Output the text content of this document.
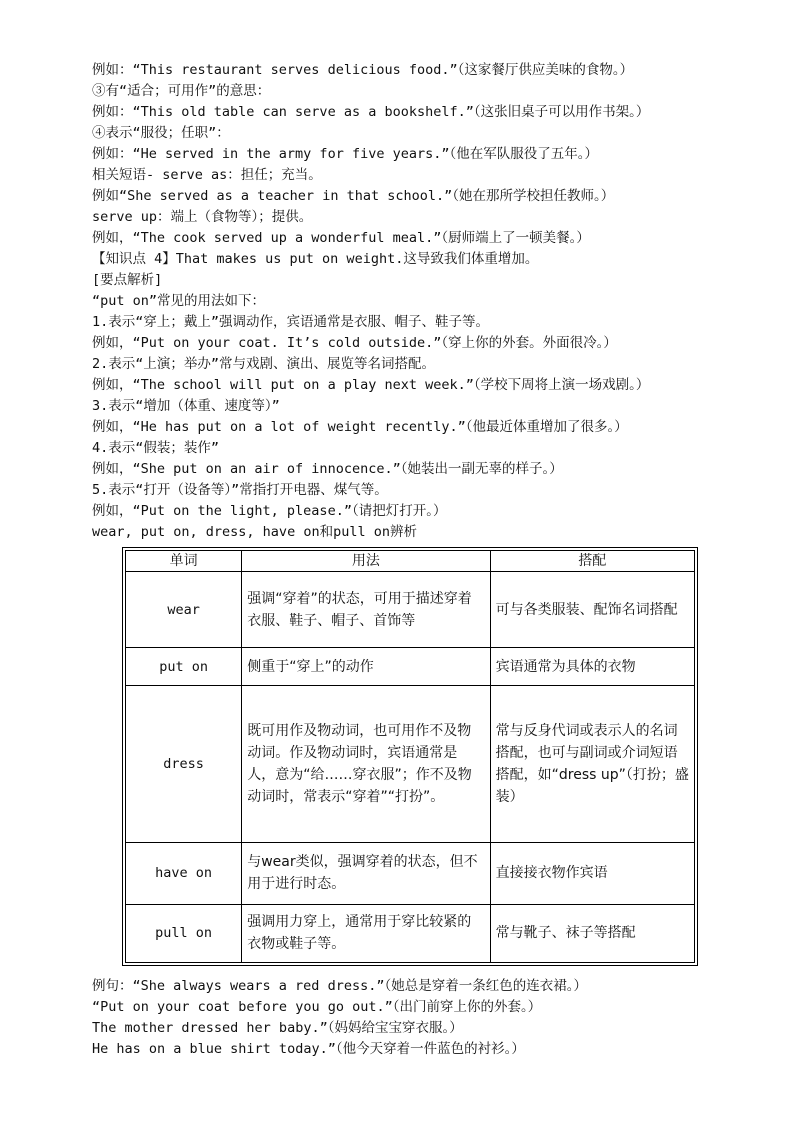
例如：“This restaurant serves delicious food.”（这家餐厅供应美味的食物。）
③有“适合；可用作”的意思：
例如：“This old table can serve as a bookshelf.”（这张旧桌子可以用作书架。）
④表示“服役；任职”：
例如：“He served in the army for five years.”（他在军队服役了五年。）
相关短语- serve as：担任；充当。
例如“She served as a teacher in that school.”（她在那所学校担任教师。）
serve up：端上（食物等）；提供。
例如，“The cook served up a wonderful meal.”（厨师端上了一顿美餐。）
【知识点 4】That makes us put on weight.这导致我们体重增加。
[要点解析]
“put on”常见的用法如下：
1.表示“穿上；戴上”强调动作，宾语通常是衣服、帽子、鞋子等。
例如，“Put on your coat. It’s cold outside.”（穿上你的外套。外面很冷。）
2.表示“上演；举办”常与戏剧、演出、展览等名词搭配。
例如，“The school will put on a play next week.”（学校下周将上演一场戏剧。）
3.表示“增加（体重、速度等）”
例如，“He has put on a lot of weight recently.”（他最近体重增加了很多。）
4.表示“假装；装作”
例如，“She put on an air of innocence.”（她装出一副无辜的样子。）
5.表示“打开（设备等）”常指打开电器、煤气等。
例如，“Put on the light, please.”（请把灯打开。）
wear, put on, dress, have on和pull on辨析
单词	用法	搭配
wear	强调“穿着”的状态，可用于描述穿着衣服、鞋子、帽子、首饰等	可与各类服装、配饰名词搭配
put on	侧重于“穿上”的动作	宾语通常为具体的衣物
dress	既可用作及物动词，也可用作不及物动词。作及物动词时，宾语通常是人，意为“给……穿衣服”；作不及物动词时，常表示“穿着”“打扮”。	常与反身代词或表示人的名词搭配，也可与副词或介词短语搭配，如“dress up”（打扮；盛装）
have on	与wear类似，强调穿着的状态，但不用于进行时态。	直接接衣物作宾语
pull on	强调用力穿上，通常用于穿比较紧的衣物或鞋子等。	常与靴子、袜子等搭配
例句：“She always wears a red dress.”（她总是穿着一条红色的连衣裙。）
“Put on your coat before you go out.”（出门前穿上你的外套。）
The mother dressed her baby.”（妈妈给宝宝穿衣服。）
He has on a blue shirt today.”（他今天穿着一件蓝色的衬衫。）
